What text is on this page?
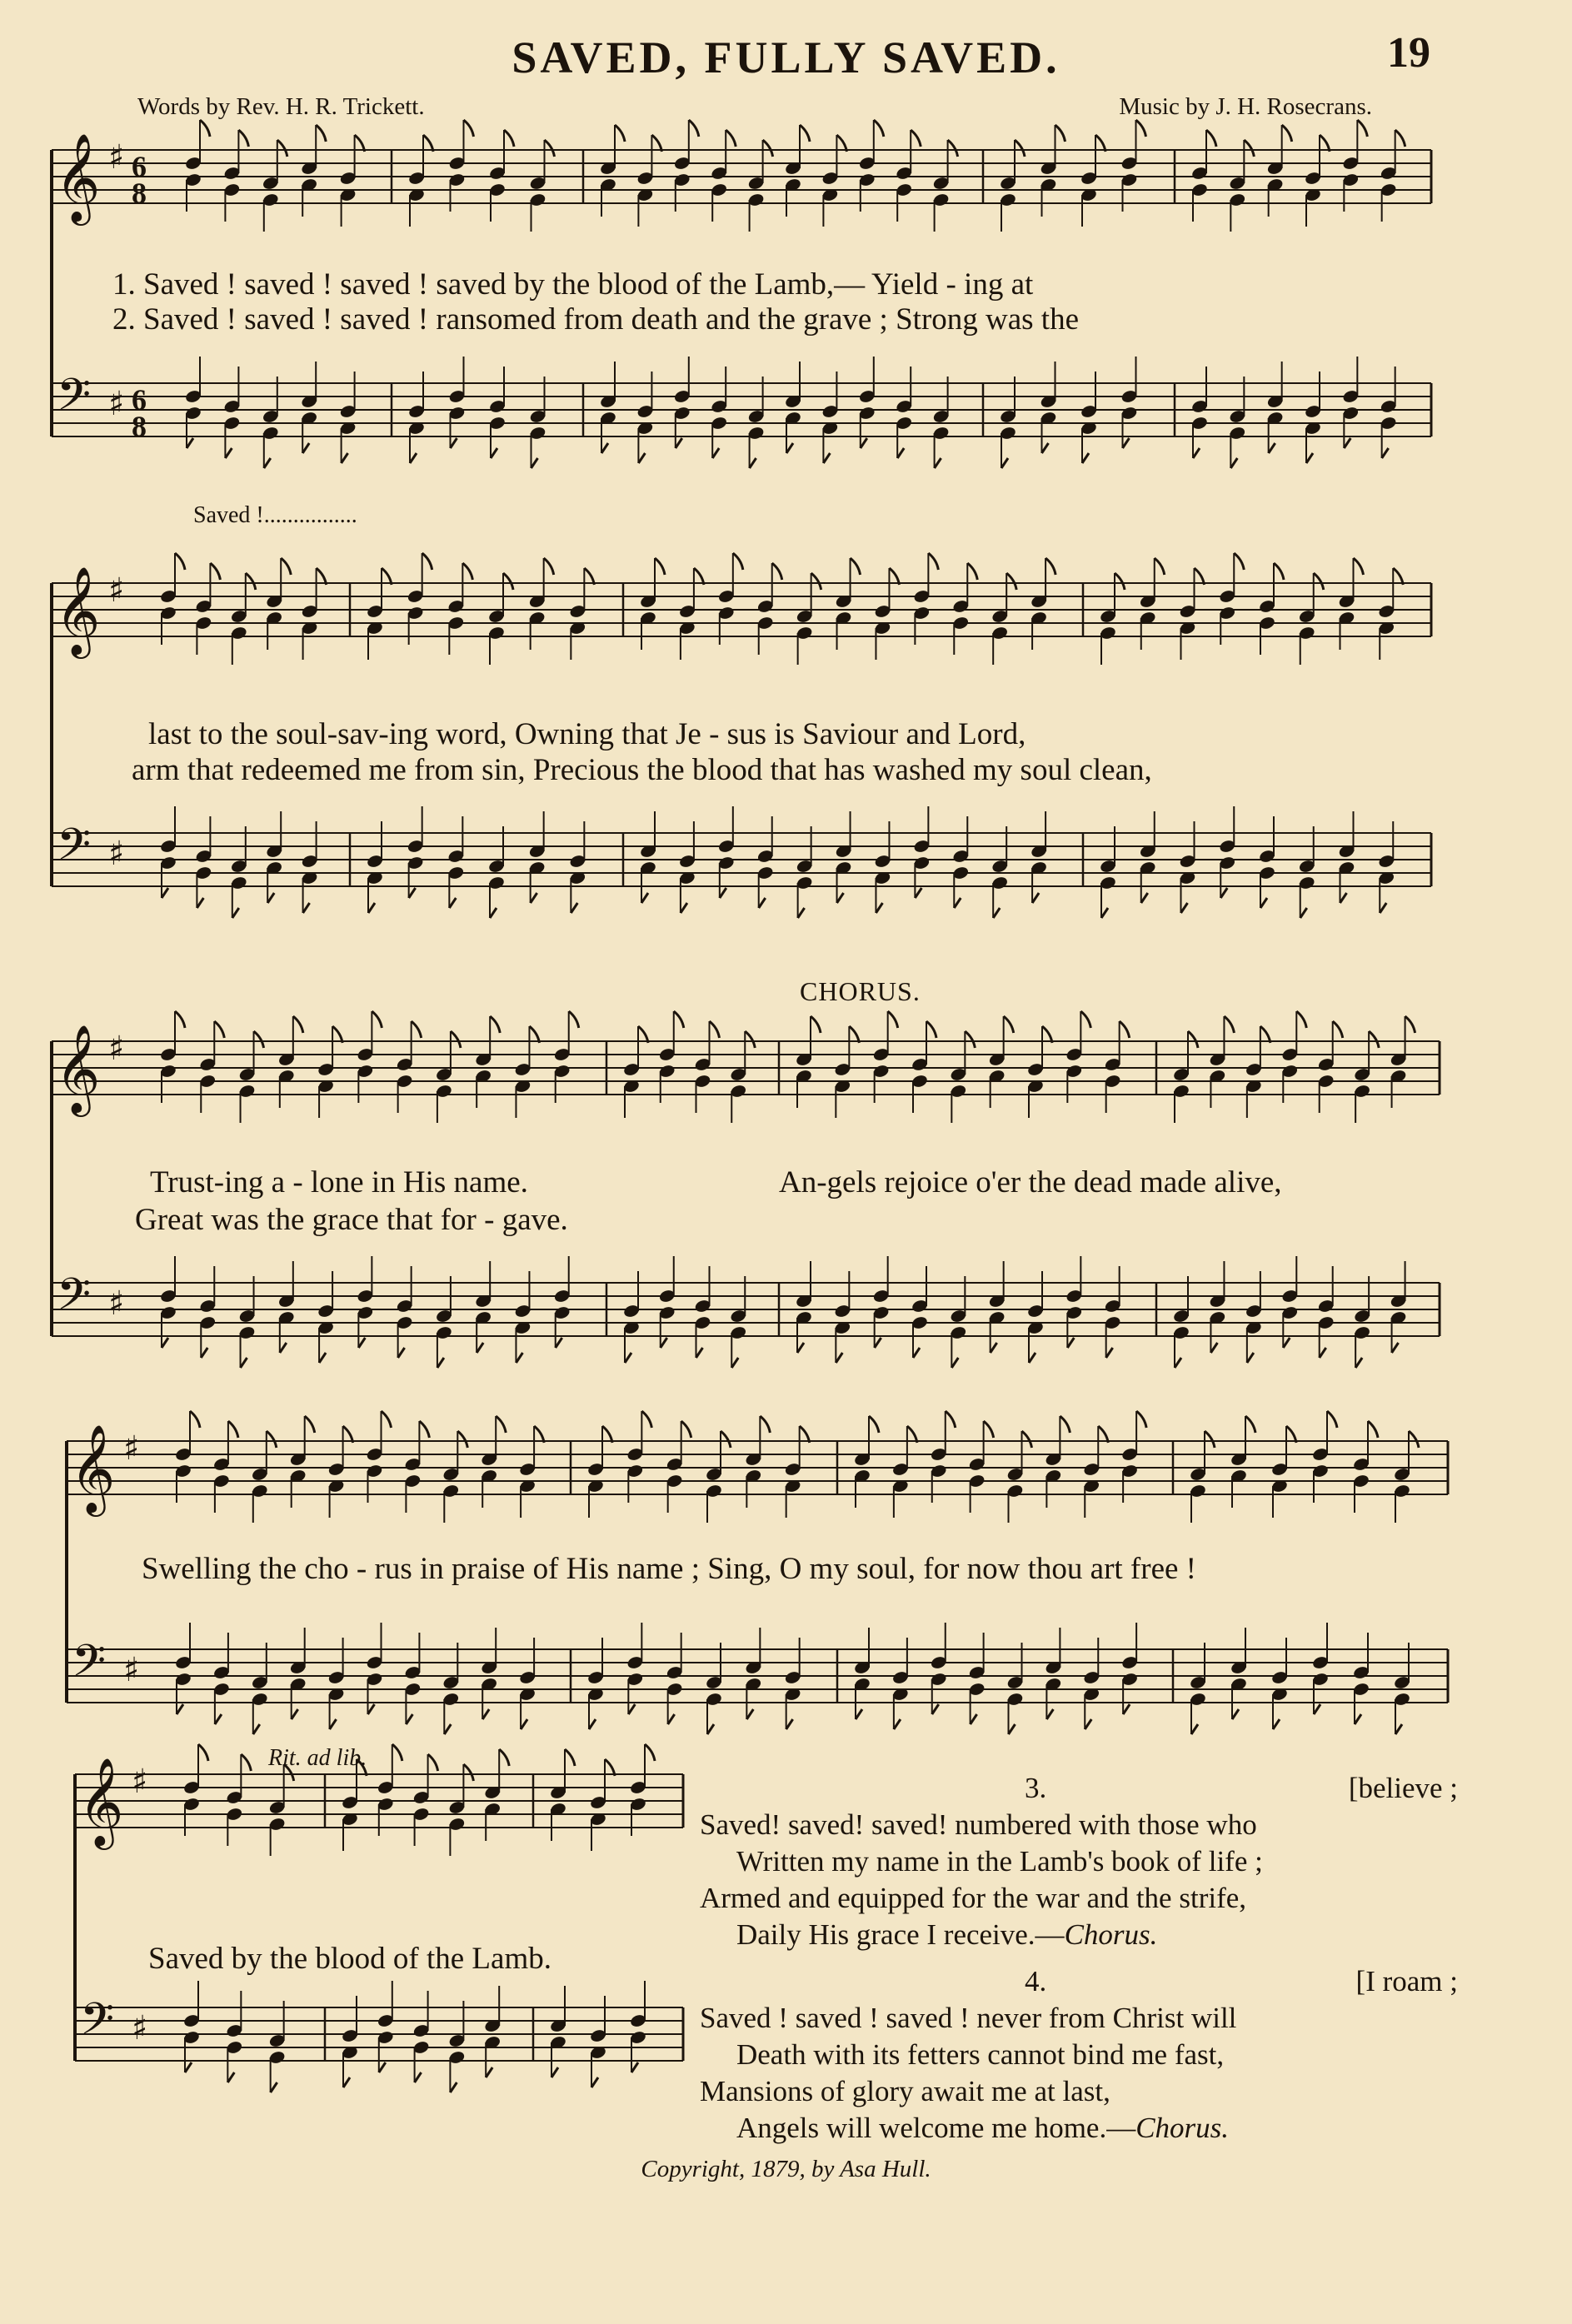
SAVED, FULLY SAVED.	19
Words by Rev. H. R. Trickett.	Music by J. H. Rosecrans.
𝄞 ♯ 6
8
𝄢 ♯ 6
8
1. Saved ! saved ! saved ! saved by the blood of the Lamb,— Yield - ing at
2. Saved ! saved ! saved ! ransomed from death and the grave ; Strong was the
Saved !................
𝄞 ♯
𝄢 ♯
last to the soul-sav-ing word, Owning that Je - sus is Saviour and Lord,
arm that redeemed me from sin, Precious the blood that has washed my soul clean,
CHORUS.
𝄞 ♯
𝄢 ♯
Trust-ing a - lone in His name.
Great was the grace that for - gave.
An-gels rejoice o'er the dead made alive,
𝄞 ♯
𝄢 ♯
Swelling the cho - rus in praise of His name ; Sing, O my soul, for now thou art free !
Rit. ad lib.
𝄞 ♯
𝄢 ♯
Saved by the blood of the Lamb.
3.	[believe ;
Saved! saved! saved! numbered with those who
Written my name in the Lamb's book of life ;
Armed and equipped for the war and the strife,
Daily His grace I receive.—Chorus.
4.	[I roam ;
Saved ! saved ! saved ! never from Christ will
Death with its fetters cannot bind me fast,
Mansions of glory await me at last,
Angels will welcome me home.—Chorus.
Copyright, 1879, by Asa Hull.
